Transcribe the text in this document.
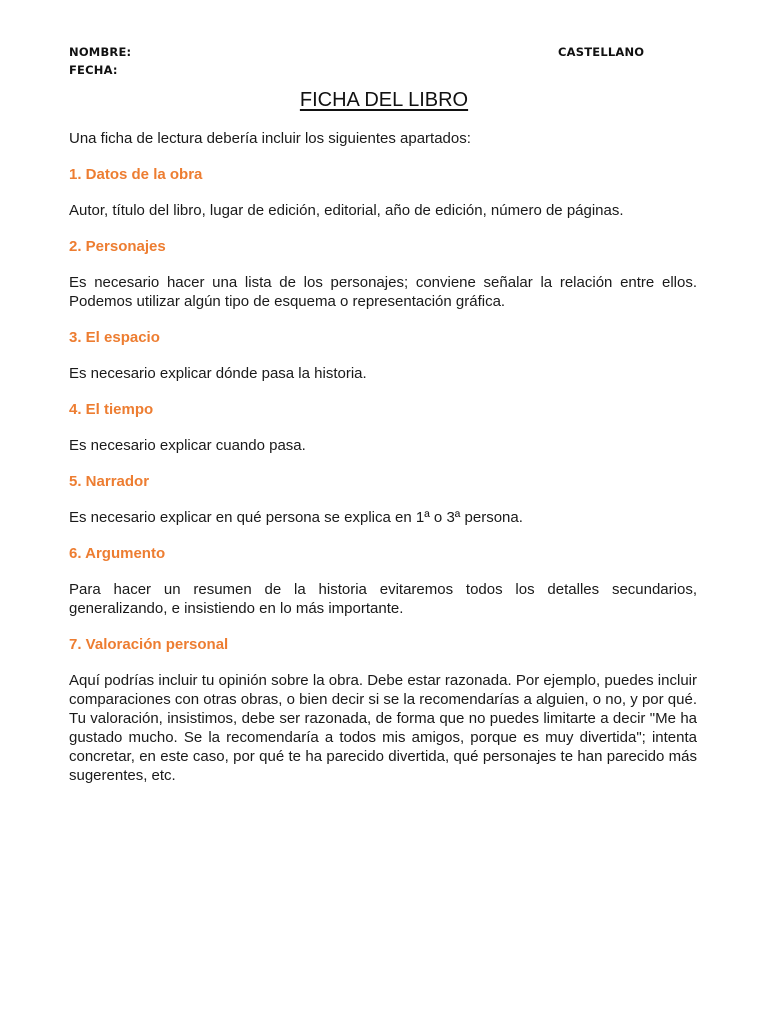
NOMBRE:	CASTELLANO
FECHA:
FICHA DEL LIBRO

Una ficha de lectura debería incluir los siguientes apartados:

1. Datos de la obra

Autor, título del libro, lugar de edición, editorial, año de edición, número de páginas.

2. Personajes

Es necesario hacer una lista de los personajes; conviene señalar la relación entre ellos. Podemos utilizar algún tipo de esquema o representación gráfica.

3. El espacio

Es necesario explicar dónde pasa la historia.

4. El tiempo

Es necesario explicar cuando pasa.

5. Narrador

Es necesario explicar en qué persona se explica en 1ª o 3ª persona.

6. Argumento

Para hacer un resumen de la historia evitaremos todos los detalles secundarios, generalizando, e insistiendo en lo más importante.

7. Valoración personal

Aquí podrías incluir tu opinión sobre la obra. Debe estar razonada. Por ejemplo, puedes incluir comparaciones con otras obras, o bien decir si se la recomendarías a alguien, o no, y por qué. Tu valoración, insistimos, debe ser razonada, de forma que no puedes limitarte a decir "Me ha gustado mucho. Se la recomendaría a todos mis amigos, porque es muy divertida"; intenta concretar, en este caso, por qué te ha parecido divertida, qué personajes te han parecido más sugerentes, etc.
